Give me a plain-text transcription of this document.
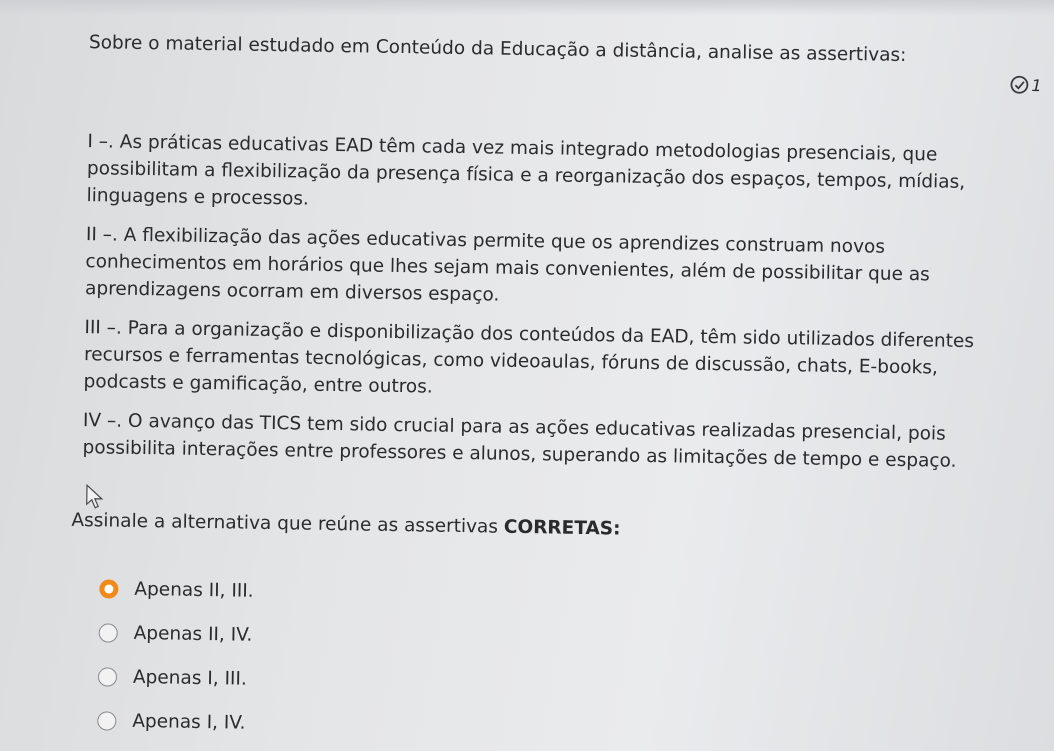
Sobre o material estudado em Conteúdo da Educação a distância, analise as assertivas:
1

I –. As práticas educativas EAD têm cada vez mais integrado metodologias presenciais, que possibilitam a flexibilização da presença física e a reorganização dos espaços, tempos, mídias, linguagens e processos.

II –. A flexibilização das ações educativas permite que os aprendizes construam novos conhecimentos em horários que lhes sejam mais convenientes, além de possibilitar que as aprendizagens ocorram em diversos espaço.

III –. Para a organização e disponibilização dos conteúdos da EAD, têm sido utilizados diferentes recursos e ferramentas tecnológicas, como videoaulas, fóruns de discussão, chats, E-books, podcasts e gamificação, entre outros.

IV –. O avanço das TICS tem sido crucial para as ações educativas realizadas presencial, pois possibilita interações entre professores e alunos, superando as limitações de tempo e espaço.

Assinale a alternativa que reúne as assertivas CORRETAS:
Apenas II, III.
Apenas II, IV.
Apenas I, III.
Apenas I, IV.
